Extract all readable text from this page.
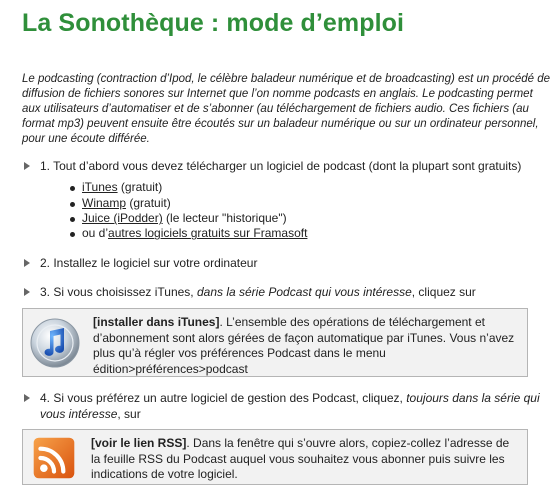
La Sonothèque : mode d’emploi

Le podcasting (contraction d’Ipod, le célèbre baladeur numérique et de broadcasting) est un procédé de diffusion de fichiers sonores sur Internet que l’on nomme podcasts en anglais. Le podcasting permet aux utilisateurs d’automatiser et de s’abonner (au téléchargement de fichiers audio. Ces fichiers (au format mp3) peuvent ensuite être écoutés sur un baladeur numérique ou sur un ordinateur personnel, pour une écoute différée.

1. Tout d’abord vous devez télécharger un logiciel de podcast (dont la plupart sont gratuits)
iTunes (gratuit)
Winamp (gratuit)
Juice (iPodder) (le lecteur "historique")
ou d’autres logiciels gratuits sur Framasoft
2. Installez le logiciel sur votre ordinateur
3. Si vous choisissez iTunes, dans la série Podcast qui vous intéresse, cliquez sur
[installer dans iTunes]. L’ensemble des opérations de téléchargement et d’abonnement sont alors gérées de façon automatique par iTunes. Vous n’avez plus qu’à régler vos préférences Podcast dans le menu édition>préférences>podcast
4. Si vous préférez un autre logiciel de gestion des Podcast, cliquez, toujours dans la série qui vous intéresse, sur
[voir le lien RSS]. Dans la fenêtre qui s’ouvre alors, copiez-collez l’adresse de la feuille RSS du Podcast auquel vous souhaitez vous abonner puis suivre les indications de votre logiciel.
